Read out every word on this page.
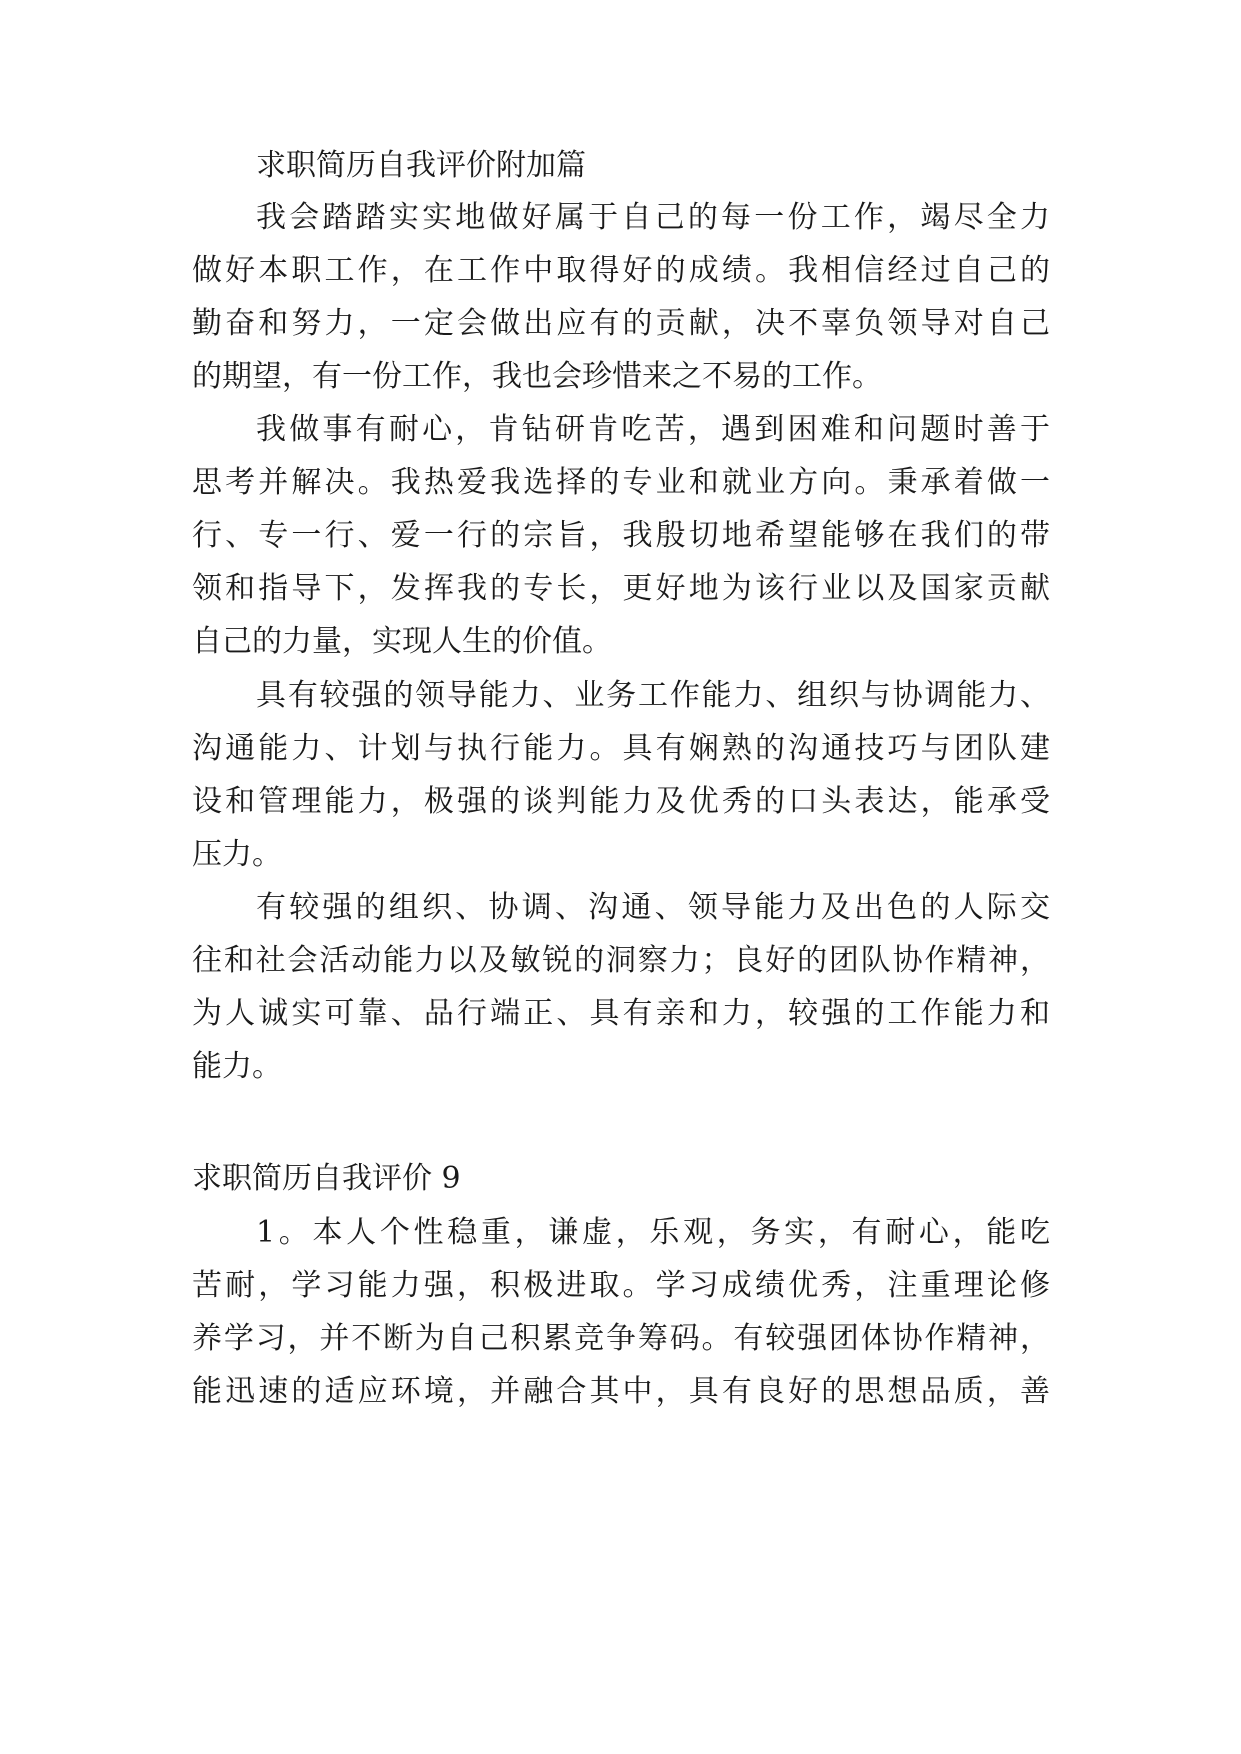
求职简历自我评价附加篇
我会踏踏实实地做好属于自己的每一份工作，竭尽全力
做好本职工作，在工作中取得好的成绩。我相信经过自己的
勤奋和努力，一定会做出应有的贡献，决不辜负领导对自己
的期望，有一份工作，我也会珍惜来之不易的工作。
我做事有耐心，肯钻研肯吃苦，遇到困难和问题时善于
思考并解决。我热爱我选择的专业和就业方向。秉承着做一
行、专一行、爱一行的宗旨，我殷切地希望能够在我们的带
领和指导下，发挥我的专长，更好地为该行业以及国家贡献
自己的力量，实现人生的价值。
具有较强的领导能力、业务工作能力、组织与协调能力、
沟通能力、计划与执行能力。具有娴熟的沟通技巧与团队建
设和管理能力，极强的谈判能力及优秀的口头表达，能承受
压力。
有较强的组织、协调、沟通、领导能力及出色的人际交
往和社会活动能力以及敏锐的洞察力；良好的团队协作精神，
为人诚实可靠、品行端正、具有亲和力，较强的工作能力和
能力。
求职简历自我评价 9
1。本人个性稳重，谦虚，乐观，务实，有耐心，能吃
苦耐，学习能力强，积极进取。学习成绩优秀，注重理论修
养学习，并不断为自己积累竞争筹码。有较强团体协作精神，
能迅速的适应环境，并融合其中，具有良好的思想品质，善
